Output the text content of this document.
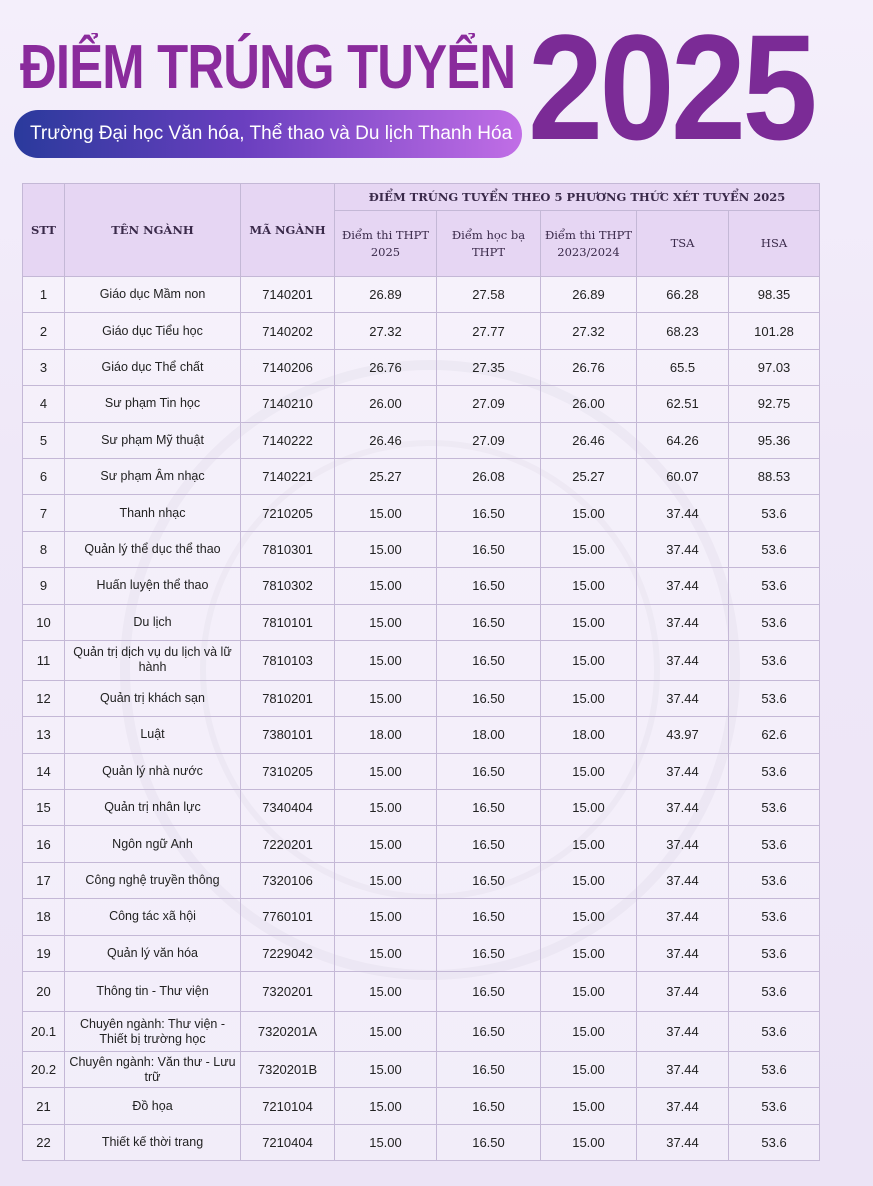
ĐIỂM TRÚNG TUYỂN 2025
Trường Đại học Văn hóa, Thể thao và Du lịch Thanh Hóa
STT	TÊN NGÀNH	MÃ NGÀNH	ĐIỂM TRÚNG TUYỂN THEO 5 PHƯƠNG THỨC XÉT TUYỂN 2025				
			Điểm thi THPT 2025	Điểm học bạ THPT	Điểm thi THPT 2023/2024	TSA	HSA
1	Giáo dục Mầm non	7140201	26.89	27.58	26.89	66.28	98.35
2	Giáo dục Tiểu học	7140202	27.32	27.77	27.32	68.23	101.28
3	Giáo dục Thể chất	7140206	26.76	27.35	26.76	65.5	97.03
4	Sư phạm Tin học	7140210	26.00	27.09	26.00	62.51	92.75
5	Sư phạm Mỹ thuật	7140222	26.46	27.09	26.46	64.26	95.36
6	Sư phạm Âm nhạc	7140221	25.27	26.08	25.27	60.07	88.53
7	Thanh nhạc	7210205	15.00	16.50	15.00	37.44	53.6
8	Quản lý thể dục thể thao	7810301	15.00	16.50	15.00	37.44	53.6
9	Huấn luyện thể thao	7810302	15.00	16.50	15.00	37.44	53.6
10	Du lịch	7810101	15.00	16.50	15.00	37.44	53.6
11	Quản trị dịch vụ du lịch và lữ hành	7810103	15.00	16.50	15.00	37.44	53.6
12	Quản trị khách sạn	7810201	15.00	16.50	15.00	37.44	53.6
13	Luật	7380101	18.00	18.00	18.00	43.97	62.6
14	Quản lý nhà nước	7310205	15.00	16.50	15.00	37.44	53.6
15	Quản trị nhân lực	7340404	15.00	16.50	15.00	37.44	53.6
16	Ngôn ngữ Anh	7220201	15.00	16.50	15.00	37.44	53.6
17	Công nghệ truyền thông	7320106	15.00	16.50	15.00	37.44	53.6
18	Công tác xã hội	7760101	15.00	16.50	15.00	37.44	53.6
19	Quản lý văn hóa	7229042	15.00	16.50	15.00	37.44	53.6
20	Thông tin - Thư viện	7320201	15.00	16.50	15.00	37.44	53.6
20.1	Chuyên ngành: Thư viện - Thiết bị trường học	7320201A	15.00	16.50	15.00	37.44	53.6
20.2	Chuyên ngành: Văn thư - Lưu trữ	7320201B	15.00	16.50	15.00	37.44	53.6
21	Đồ họa	7210104	15.00	16.50	15.00	37.44	53.6
22	Thiết kế thời trang	7210404	15.00	16.50	15.00	37.44	53.6
